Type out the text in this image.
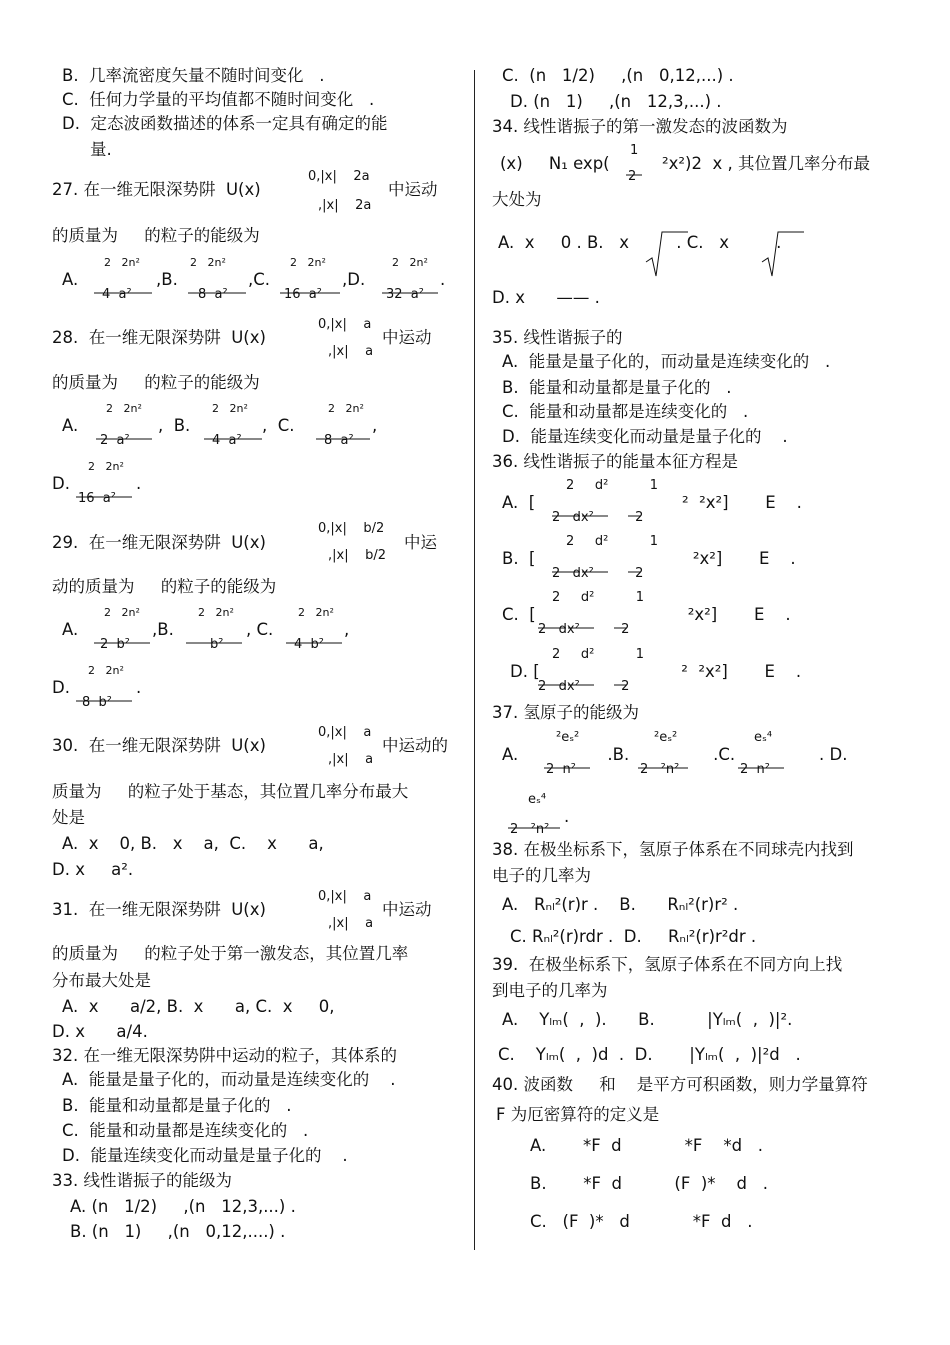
B.  几率流密度矢量不随时间变化   .
C.  任何力学量的平均值都不随时间变化   .
D.  定态波函数描述的体系一定具有确定的能
量.
27. 在一维无限深势阱  U(x)
0,|x|    2a
,|x|    2a
中运动
的质量为     的粒子的能级为
2   2n²	2   2n²	2   2n²	2   2n²
A.	,B.	,C.	,D.	.
4  a²	8  a²	16  a²	32  a²
28.  在一维无限深势阱  U(x)
0,|x|    a
,|x|    a
中运动
的质量为     的粒子的能级为
2   2n²	2   2n²	2   2n²
A.	,  B.	,  C.	,
2  a²	4  a²	8  a²
2   2n²
D.	.
16  a²
29.  在一维无限深势阱  U(x)
0,|x|    b/2
,|x|    b/2
中运
动的质量为     的粒子的能级为
2   2n²	2   2n²	2   2n²
A.	,B.	, C.	,
2  b²	b²	4  b²
2   2n²
D.	.
8  b²
30.  在一维无限深势阱  U(x)
0,|x|    a
,|x|    a
中运动的
质量为     的粒子处于基态，其位置几率分布最大
处是
A.  x    0, B.   x    a,  C.    x      a,
D. x     a².
31.  在一维无限深势阱  U(x)
0,|x|    a
,|x|    a
中运动
的质量为     的粒子处于第一激发态，其位置几率
分布最大处是
A.  x      a/2, B.  x      a, C.  x     0,
D. x      a/4.
32. 在一维无限深势阱中运动的粒子，其体系的
A.  能量是量子化的，而动量是连续变化的    .
B.  能量和动量都是量子化的   .
C.  能量和动量都是连续变化的   .
D.  能量连续变化而动量是量子化的    .
33. 线性谐振子的能级为
A. (n   1/2)     ,(n   12,3,...) .
B. (n   1)     ,(n   0,12,....) .
C.  (n   1/2)     ,(n   0,12,...) .
D. (n   1)     ,(n   12,3,...) .
34. 线性谐振子的第一激发态的波函数为
1
(x)     N₁ exp(          ²x²)2  x , 其位置几率分布最
2
大处为
A.  x     0 . B.   x         . C.   x         .
D. x      —— .
35. 线性谐振子的
A.  能量是量子化的，而动量是连续变化的   .
B.  能量和动量都是量子化的   .
C.  能量和动量都是连续变化的   .
D.  能量连续变化而动量是量子化的    .
36. 线性谐振子的能量本征方程是
2     d²          1
A.  [                            ²  ²x²]       E    .
2   dx²          2
2     d²          1
B.  [                              ²x²]       E    .
2   dx²          2
2     d²          1
C.  [                             ²x²]       E    .
2   dx²          2
2     d²          1
D. [                           ²  ²x²]       E    .
2   dx²          2
37. 氢原子的能级为
²eₛ²	²eₛ²	eₛ⁴
A.                 .B.                .C.                . D.
2  n²	2   ²n²	2  n²
eₛ⁴
.
2   ²n²
38. 在极坐标系下，氢原子体系在不同球壳内找到
电子的几率为
A.   Rₙₗ²(r)r .    B.      Rₙₗ²(r)r² .
C. Rₙₗ²(r)rdr .  D.     Rₙₗ²(r)r²dr .
39.  在极坐标系下，氢原子体系在不同方向上找
到电子的几率为
A.    Yₗₘ(  ,  ).      B.          |Yₗₘ(  ,  )|².
C.    Yₗₘ(  ,  )d  .  D.       |Yₗₘ(  ,  )|²d   .
40. 波函数     和    是平方可积函数，则力学量算符
F 为厄密算符的定义是
A.       *F  d            *F    *d   .
B.       *F  d          (F  )*    d   .
C.   (F  )*   d            *F  d   .
